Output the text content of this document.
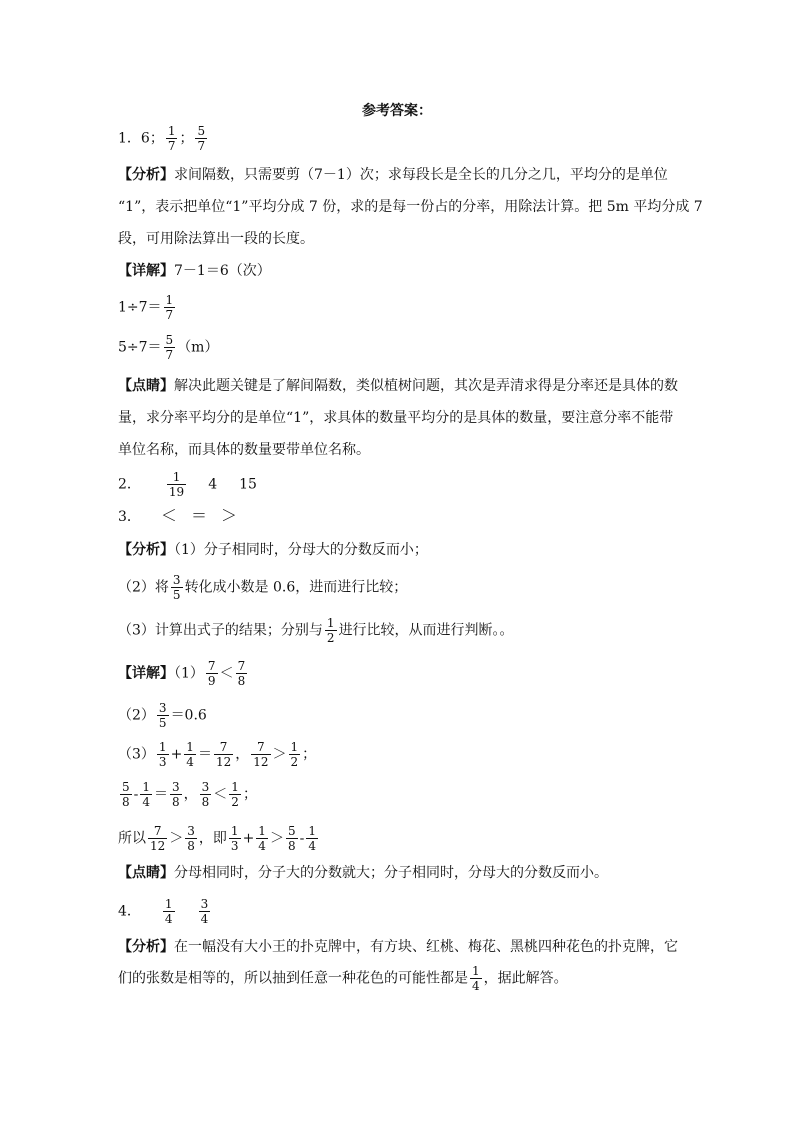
参考答案：
1．6； $\frac{1}{7}$ ； $\frac{5}{7}$
【分析】求间隔数，只需要剪（7－1）次；求每段长是全长的几分之几，平均分的是单位
“1”，表示把单位“1”平均分成 7 份，求的是每一份占的分率，用除法计算。把 5m 平均分成 7
段，可用除法算出一段的长度。
【详解】7－1＝6（次）
$1\div 7= \frac{1}{7}$
$5\div 7= \frac{5}{7} (m)$
【点睛】解决此题关键是了解间隔数，类似植树问题，其次是弄清求得是分率还是具体的数
量，求分率平均分的是单位“1”，求具体的数量平均分的是具体的数量，要注意分率不能带
单位名称，而具体的数量要带单位名称。
2． $\frac{1}{19} 4$ 15
3． ＜ ＝ ＞
【分析】（1）分子相同时，分母大的分数反而小；
（2）将 $\frac{3}{5}$ 转化成小数是 0.6，进而进行比较；
（3）计算出式子的结果；分别与 $\frac{1}{2}$ 进行比较，从而进行判断。。
【详解】$(1) \frac{7}{9} < \frac{7}{8}$
$(2) \frac{3}{5} =0.6$
$(3) \frac{1}{3} + \frac{1}{4} = \frac{7}{12}$ ， $\frac{7}{12} > \frac{1}{2}$ ；
$\frac{5}{8} - \frac{1}{4} = \frac{3}{8}$ ， $\frac{3}{8} < \frac{1}{2}$ ；
所以 $\frac{7}{12} > \frac{3}{8}$ ，即 $\frac{1}{3} + \frac{1}{4} > \frac{5}{8} - \frac{1}{4}$
【点睛】分母相同时，分子大的分数就大；分子相同时，分母大的分数反而小。
4． $\frac{1}{4} \frac{3}{4}$
【分析】在一幅没有大小王的扑克牌中，有方块、红桃、梅花、黑桃四种花色的扑克牌，它
们的张数是相等的，所以抽到任意一种花色的可能性都是 $\frac{1}{4}$ ，据此解答。
